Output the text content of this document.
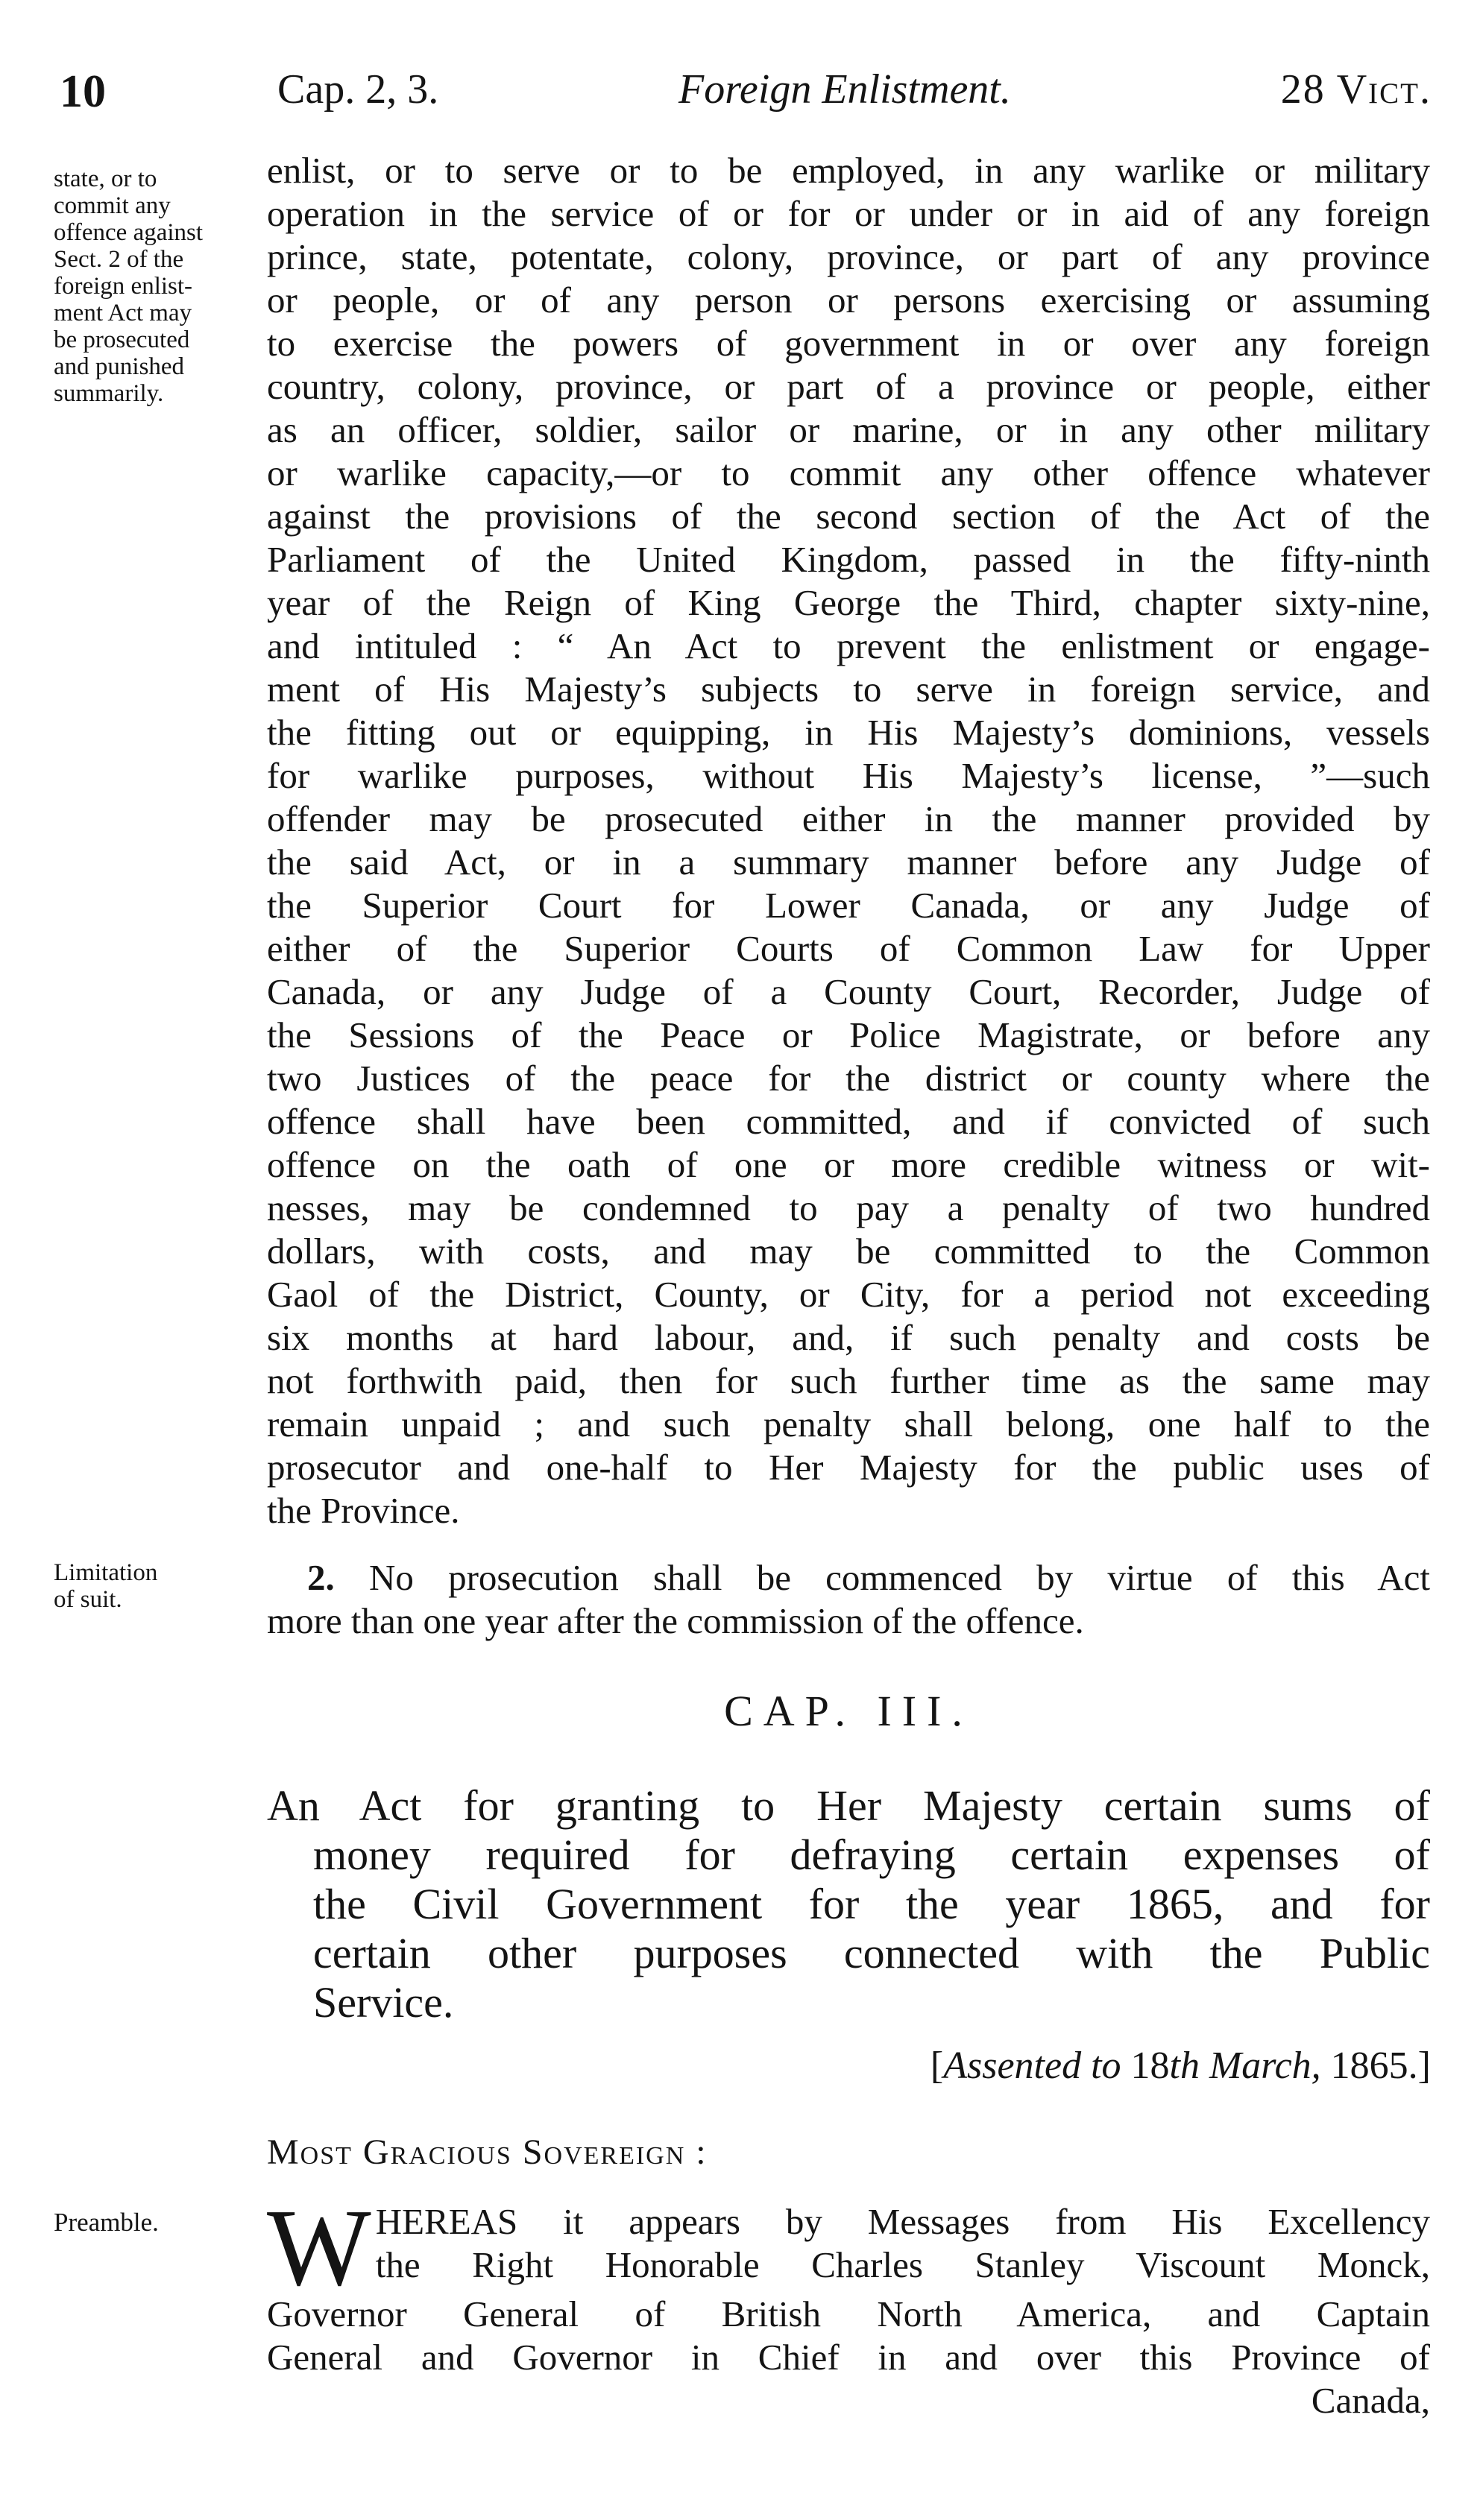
10	Cap. 2, 3.	Foreign Enlistment.	28 Vict.
state, or to
commit any
offence against
Sect. 2 of the
foreign enlist-
ment Act may
be prosecuted
and punished
summarily.
enlist, or to serve or to be employed, in any warlike or military
operation in the service of or for or under or in aid of any foreign
prince, state, potentate, colony, province, or part of any province
or people, or of any person or persons exercising or assuming
to exercise the powers of government in or over any foreign
country, colony, province, or part of a province or people, either
as an officer, soldier, sailor or marine, or in any other military
or warlike capacity,—or to commit any other offence whatever
against the provisions of the second section of the Act of the
Parliament of the United Kingdom, passed in the fifty-ninth
year of the Reign of King George the Third, chapter sixty-nine,
and intituled : “ An Act to prevent the enlistment or engage-
ment of His Majesty’s subjects to serve in foreign service, and
the fitting out or equipping, in His Majesty’s dominions, vessels
for warlike purposes, without His Majesty’s license, ”—such
offender may be prosecuted either in the manner provided by
the said Act, or in a summary manner before any Judge of
the Superior Court for Lower Canada, or any Judge of
either of the Superior Courts of Common Law for Upper
Canada, or any Judge of a County Court, Recorder, Judge of
the Sessions of the Peace or Police Magistrate, or before any
two Justices of the peace for the district or county where the
offence shall have been committed, and if convicted of such
offence on the oath of one or more credible witness or wit-
nesses, may be condemned to pay a penalty of two hundred
dollars, with costs, and may be committed to the Common
Gaol of the District, County, or City, for a period not exceeding
six months at hard labour, and, if such penalty and costs be
not forthwith paid, then for such further time as the same may
remain unpaid ; and such penalty shall belong, one half to the
prosecutor and one-half to Her Majesty for the public uses of
the Province.
Limitation
of suit.
2. No prosecution shall be commenced by virtue of this Act
more than one year after the commission of the offence.
CAP. III.
An Act for granting to Her Majesty certain sums of
money required for defraying certain expenses of
the Civil Government for the year 1865, and for
certain other purposes connected with the Public
Service.
[Assented to 18th March, 1865.]
Most Gracious Sovereign :
Preamble. W HEREAS it appears by Messages from His Excellency
the Right Honorable Charles Stanley Viscount Monck,
Governor General of British North America, and Captain
General and Governor in Chief in and over this Province of
Canada,
